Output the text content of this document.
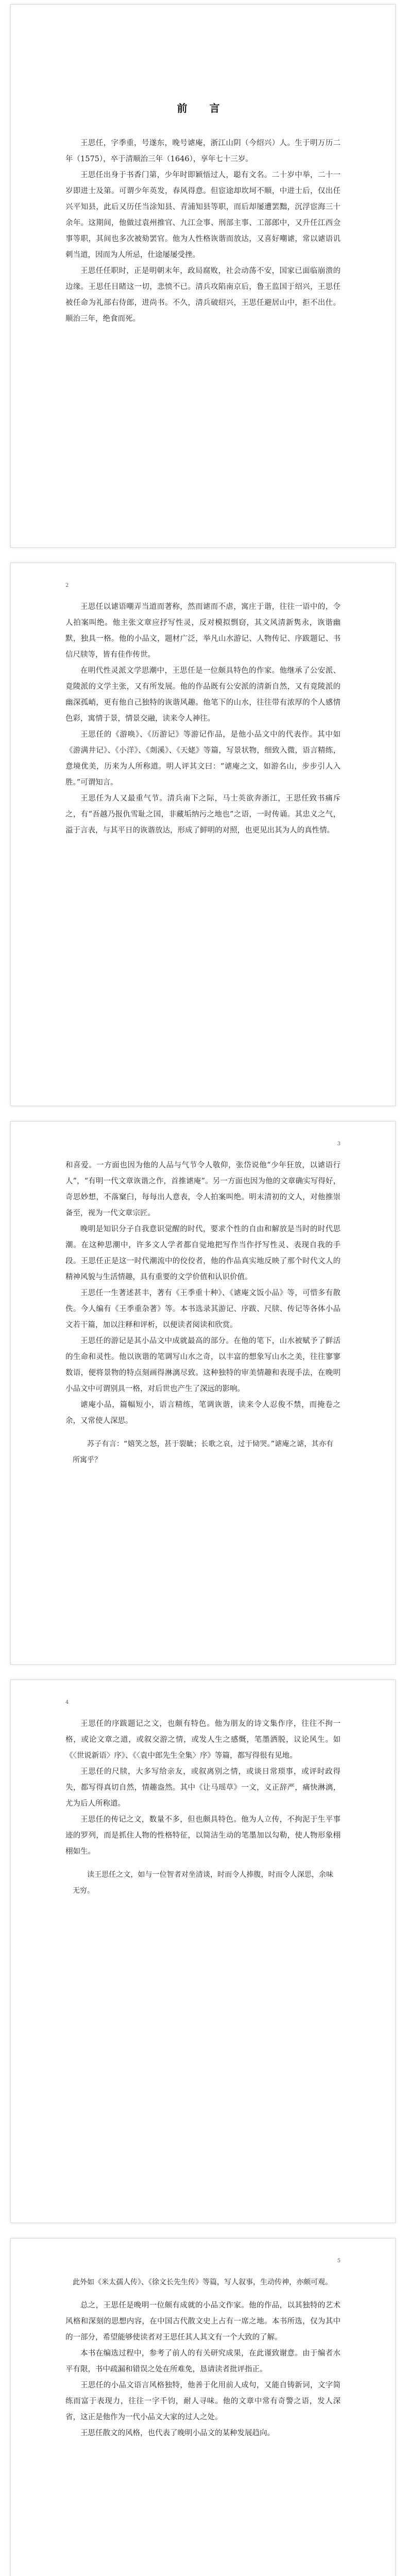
前 言

王思任，字季重，号遂东，晚号谑庵，浙江山阴（今绍兴）人。生于明万历二年（1575），卒于清顺治三年（1646），享年七十三岁。

王思任出身于书香门第，少年时即颖悟过人，聪有文名。二十岁中举，二十一岁即进士及第。可谓少年英发，春风得意。但宦途却坎坷不顺，中进士后，仅出任兴平知县，此后又历任当涂知县、青浦知县等职，而后却屡遭罢黜，沉浮宦海三十余年。这期间，他做过袁州推官、九江佥事、刑部主事、工部郎中，又升任江西佥事等职，其间也多次被劾罢官。他为人性格诙谐而放达，又喜好嘲谑，常以谑语讥刺当道，因而为人所忌，仕途屡屡受挫。

王思任任职时，正是明朝末年，政局腐败，社会动荡不安，国家已面临崩溃的边缘。王思任目睹这一切，悲愤不已。清兵攻陷南京后，鲁王监国于绍兴，王思任被任命为礼部右侍郎，进尚书。不久，清兵破绍兴，王思任避居山中，拒不出仕。顺治三年，绝食而死。

2

王思任以谑语嘲弄当道而著称，然而谑而不虐，寓庄于谐，往往一语中的，令人拍案叫绝。他主张文章应抒写性灵，反对模拟剽窃，其文风清新隽永，诙谐幽默，独具一格。他的小品文，题材广泛，举凡山水游记、人物传记、序跋题记、书信尺牍等，皆有佳作传世。

在明代性灵派文学思潮中，王思任是一位颇具特色的作家。他继承了公安派、竟陵派的文学主张，又有所发展。他的作品既有公安派的清新自然，又有竟陵派的幽深孤峭，更有他自己独特的诙谐风趣。他笔下的山水，往往带有浓厚的个人感情色彩，寓情于景，情景交融，读来令人神往。

王思任的《游唤》、《历游记》等游记作品，是他小品文中的代表作。其中如《游满井记》、《小洋》、《剡溪》、《天姥》等篇，写景状物，细致入微，语言精练，意境优美，历来为人所称道。明人评其文曰：“谑庵之文，如游名山，步步引人入胜。”可谓知言。

王思任为人又最重气节。清兵南下之际，马士英欲奔浙江，王思任致书痛斥之，有“吾越乃报仇雪耻之国，非藏垢纳污之地也”之语，一时传诵。其忠义之气，溢于言表，与其平日的诙谐放达，形成了鲜明的对照，也更见出其为人的真性情。

3

和喜爱。一方面也因为他的人品与气节令人敬仰，张岱说他“少年狂放，以谑语行人”，“有明一代文章诙谐之作，首推谑庵”。另一方面也因为他的文章确实写得好，奇思妙想，不落窠臼，每每出人意表，令人拍案叫绝。明末清初的文人，对他推崇备至，视为一代文章宗匠。

晚明是知识分子自我意识觉醒的时代，要求个性的自由和解放是当时的时代思潮。在这种思潮中，许多文人学者都自觉地把写作当作抒写性灵、表现自我的手段。王思任正是这一时代潮流中的佼佼者，他的作品真实地反映了那个时代文人的精神风貌与生活情趣，具有重要的文学价值和认识价值。

王思任一生著述甚丰，著有《王季重十种》、《谑庵文饭小品》等，可惜多有散佚。今人编有《王季重杂著》等。本书选录其游记、序跋、尺牍、传记等各体小品文若干篇，加以注释和评析，以便读者阅读和欣赏。

王思任的游记是其小品文中成就最高的部分。在他的笔下，山水被赋予了鲜活的生命和灵性。他以诙谐的笔调写山水之奇，以丰富的想象写山水之美，往往寥寥数语，便将景物的特点刻画得淋漓尽致。这种独特的审美情趣和表现手法，在晚明小品文中可谓别具一格，对后世也产生了深远的影响。

谑庵小品，篇幅短小，语言精练，笔调诙谐，读来令人忍俊不禁，而掩卷之余，又常使人深思。

苏子有言：“嬉笑之怒，甚于裂眦；长歌之哀，过于恸哭。”谑庵之谑，其亦有所寓乎？

4

王思任的序跋题记之文，也颇有特色。他为朋友的诗文集作序，往往不拘一格，或论文章之道，或叙交游之情，或发人生之感慨，笔墨洒脱，议论风生。如《〈世说新语〉序》、《〈袁中郎先生全集〉序》等篇，都写得很有见地。

王思任的尺牍，大多写给亲友，或叙离别之情，或谈日常琐事，或评时政得失，都写得真切自然，情趣盎然。其中《让马瑶草》一文，义正辞严，痛快淋漓，尤为后人所称道。

王思任的传记之文，数量不多，但也颇具特色。他为人立传，不拘泥于生平事迹的罗列，而是抓住人物的性格特征，以简洁生动的笔墨加以勾勒，使人物形象栩栩如生。

读王思任之文，如与一位智者对坐清谈，时而令人捧腹，时而令人深思，余味无穷。

5

此外如《米太孺人传》、《徐文长先生传》等篇，写人叙事，生动传神，亦颇可观。

总之，王思任是晚明一位颇有成就的小品文作家。他的作品，以其独特的艺术风格和深刻的思想内容，在中国古代散文史上占有一席之地。本书所选，仅为其中的一部分，希望能够使读者对王思任其人其文有一个大致的了解。

本书在编选过程中，参考了前人的有关研究成果，在此谨致谢意。由于编者水平有限，书中疏漏和错误之处在所难免，恳请读者批评指正。

王思任的小品文语言风格独特，他善于化用前人成句，又能自铸新词，文字简练而富于表现力，往往一字千钧，耐人寻味。他的文章中常有奇警之语，发人深省，这正是他作为一代小品文大家的过人之处。

王思任散文的风格，也代表了晚明小品文的某种发展趋向。
